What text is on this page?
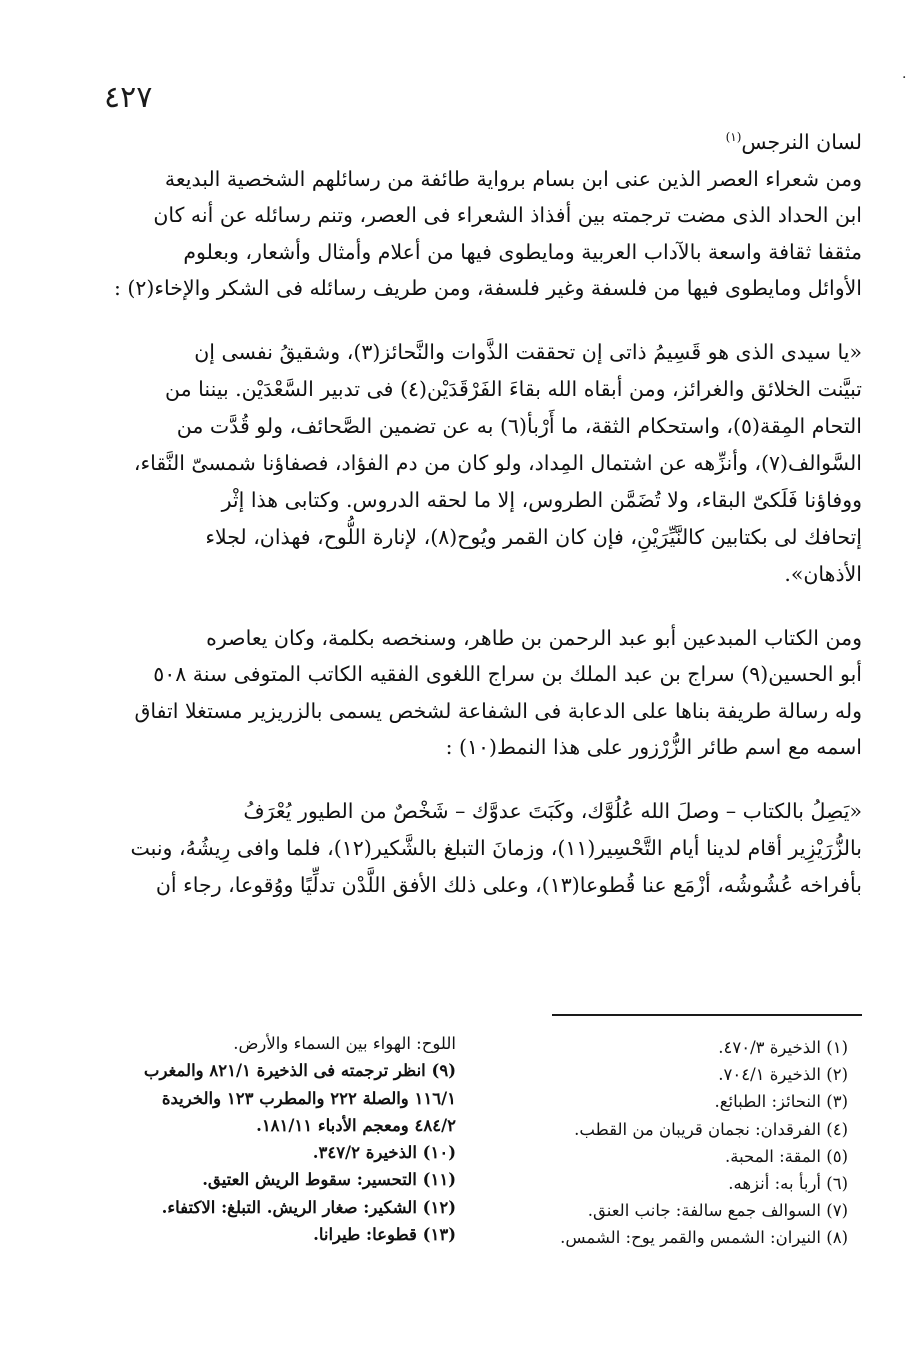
٤٢٧
·

لسان النرجس$^{(١)}$

ومن شعراء العصر الذين عنى ابن بسام برواية طائفة من رسائلهم الشخصية البديعة

ابن الحداد الذى مضت ترجمته بين أفذاذ الشعراء فى العصر، وتنم رسائله عن أنه كان

مثقفا ثقافة واسعة بالآداب العربية ومايطوى فيها من أعلام وأمثال وأشعار، وبعلوم

الأوائل ومايطوى فيها من فلسفة وغير فلسفة، ومن طريف رسائله فى الشكر والإخاء(٢) :

«يا سيدى الذى هو قَسِيمُ ذاتى إن تحققت الذَّوات والنَّحائز(٣)، وشقيقُ نفسى إن

تبيَّنت الخلائق والغرائز، ومن أبقاه الله بقاءَ الفَرْقَدَيْن(٤) فى تدبير السَّعْدَيْن. بيننا من

التحام المِقة(٥)، واستحكام الثقة، ما أَرْبأ(٦) به عن تضمين الصَّحائف، ولو قُدَّت من

السَّوالف(٧)، وأنزِّهه عن اشتمال المِداد، ولو كان من دم الفؤاد، فصفاؤنا شمسىّ النَّقاء،

ووفاؤنا فَلَكىّ البقاء، ولا تُضَمَّن الطروس، إلا ما لحقه الدروس. وكتابى هذا إثْر

إتحافك لى بكتابين كالنَّيِّرَيْنِ، فإن كان القمر ويُوح(٨)، لإنارة اللُّوح، فهذان، لجلاء

الأذهان».

ومن الكتاب المبدعين أبو عبد الرحمن بن طاهر، وسنخصه بكلمة، وكان يعاصره

أبو الحسين(٩) سراج بن عبد الملك بن سراج اللغوى الفقيه الكاتب المتوفى سنة ٥٠٨

وله رسالة طريفة بناها على الدعابة فى الشفاعة لشخص يسمى بالزريزير مستغلا اتفاق

اسمه مع اسم طائر الزُّرْزور على هذا النمط(١٠) :

«يَصِلُ بالكتاب – وصلَ الله عُلُوَّك، وكَبَتَ عدوَّك – شَخْصٌ من الطيور يُعْرَفُ

بالزُّرَيْزِير أقام لدينا أيام التَّحْسِير(١١)، وزمانَ التبلغ بالشَّكير(١٢)، فلما وافى رِيشُهُ، ونبت

بأفراخه عُشُوشُه، أزْمَع عنا قُطوعا(١٣)، وعلى ذلك الأفق اللَّدْن تدلِّيًا ووُقوعا، رجاء أن

(١) الذخيرة ٤٧٠/٣.
(٢) الذخيرة ٧٠٤/١.
(٣) النحائز: الطبائع.
(٤) الفرقدان: نجمان قريبان من القطب.
(٥) المقة: المحبة.
(٦) أربأ به: أنزهه.
(٧) السوالف جمع سالفة: جانب العنق.
(٨) النيران: الشمس والقمر يوح: الشمس.
اللوح: الهواء بين السماء والأرض.
(٩) انظر ترجمته فى الذخيرة ٨٢١/١ والمغرب
١١٦/١ والصلة ٢٢٢ والمطرب ١٢٣ والخريدة
٤٨٤/٢ ومعجم الأدباء ١٨١/١١.
(١٠) الذخيرة ٣٤٧/٢.
(١١) التحسير: سقوط الريش العتيق.
(١٢) الشكير: صغار الريش. التبلغ: الاكتفاء.
(١٣) قطوعا: طيرانا.
